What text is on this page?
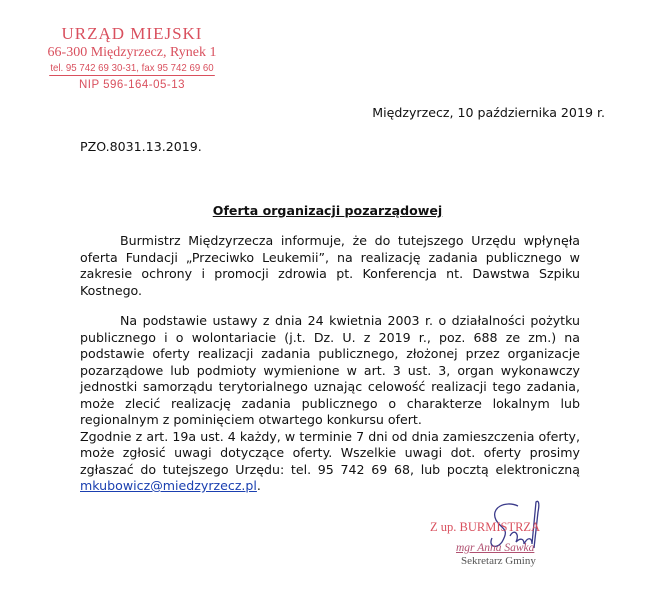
URZĄD MIEJSKI
66-300 Międzyrzecz, Rynek 1
tel. 95 742 69 30-31, fax 95 742 69 60
NIP 596-164-05-13
Międzyrzecz, 10 października 2019 r.
PZO.8031.13.2019.
Oferta organizacji pozarządowej

Burmistrz Międzyrzecza informuje, że do tutejszego Urzędu wpłynęła oferta Fundacji „Przeciwko Leukemii”, na realizację zadania publicznego w zakresie ochrony i promocji zdrowia pt. Konferencja nt. Dawstwa Szpiku Kostnego.

Na podstawie ustawy z dnia 24 kwietnia 2003 r. o działalności pożytku publicznego i o wolontariacie (j.t. Dz. U. z 2019 r., poz. 688 ze zm.) na podstawie oferty realizacji zadania publicznego, złożonej przez organizacje pozarządowe lub podmioty wymienione w art. 3 ust. 3, organ wykonawczy jednostki samorządu terytorialnego uznając celowość realizacji tego zadania, może zlecić realizację zadania publicznego o charakterze lokalnym lub regionalnym z pominięciem otwartego konkursu ofert.

Zgodnie z art. 19a ust. 4 każdy, w terminie 7 dni od dnia zamieszczenia oferty, może zgłosić uwagi dotyczące oferty. Wszelkie uwagi dot. oferty prosimy zgłaszać do tutejszego Urzędu: tel. 95 742 69 68, lub pocztą elektroniczną mkubowicz@miedzyrzecz.pl.

Z up. BURMISTRZA
mgr Anna Sawka
Sekretarz Gminy
